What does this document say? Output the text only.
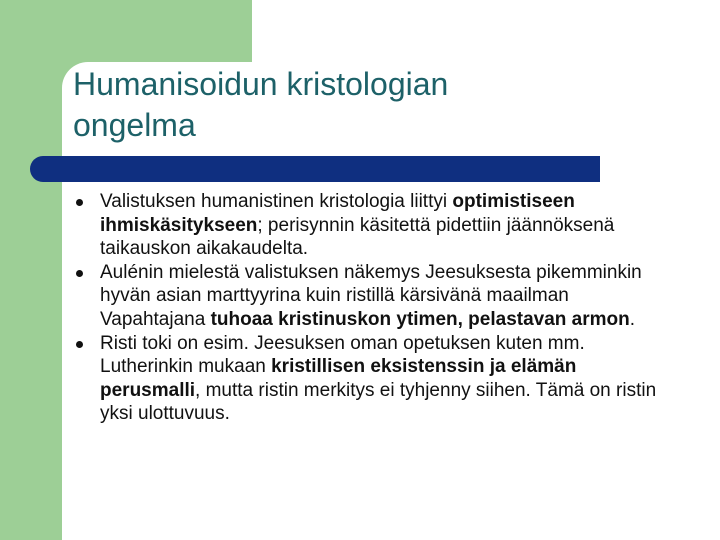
Humanisoidun kristologian
ongelma
Valistuksen humanistinen kristologia liittyi optimistiseen ihmiskäsitykseen; perisynnin käsitettä pidettiin jäännöksenä taikauskon aikakaudelta.
Aulénin mielestä valistuksen näkemys Jeesuksesta pikemminkin hyvän asian marttyyrina kuin ristillä kärsivänä maailman Vapahtajana tuhoaa kristinuskon ytimen, pelastavan armon.
Risti toki on esim. Jeesuksen oman opetuksen kuten mm. Lutherinkin mukaan kristillisen eksistenssin ja elämän perusmalli, mutta ristin merkitys ei tyhjenny siihen. Tämä on ristin yksi ulottuvuus.
